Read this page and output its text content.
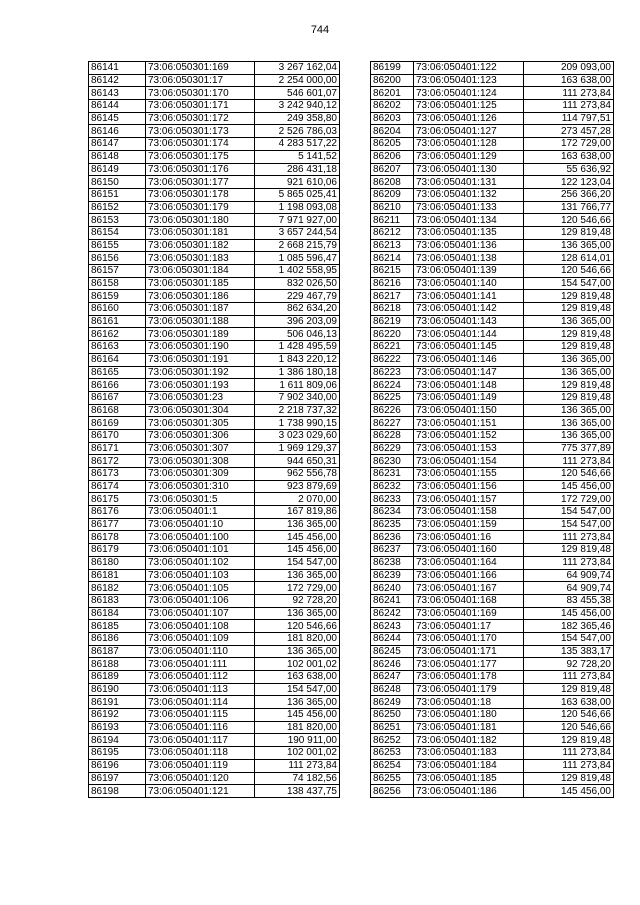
744
86141	73:06:050301:169	3 267 162,04
86142	73:06:050301:17	2 254 000,00
86143	73:06:050301:170	546 601,07
86144	73:06:050301:171	3 242 940,12
86145	73:06:050301:172	249 358,80
86146	73:06:050301:173	2 526 786,03
86147	73:06:050301:174	4 283 517,22
86148	73:06:050301:175	5 141,52
86149	73:06:050301:176	286 431,18
86150	73:06:050301:177	921 610,06
86151	73:06:050301:178	5 865 025,41
86152	73:06:050301:179	1 198 093,08
86153	73:06:050301:180	7 971 927,00
86154	73:06:050301:181	3 657 244,54
86155	73:06:050301:182	2 668 215,79
86156	73:06:050301:183	1 085 596,47
86157	73:06:050301:184	1 402 558,95
86158	73:06:050301:185	832 026,50
86159	73:06:050301:186	229 467,79
86160	73:06:050301:187	862 634,20
86161	73:06:050301:188	396 203,09
86162	73:06:050301:189	506 046,13
86163	73:06:050301:190	1 428 495,59
86164	73:06:050301:191	1 843 220,12
86165	73:06:050301:192	1 386 180,18
86166	73:06:050301:193	1 611 809,06
86167	73:06:050301:23	7 902 340,00
86168	73:06:050301:304	2 218 737,32
86169	73:06:050301:305	1 738 990,15
86170	73:06:050301:306	3 023 029,60
86171	73:06:050301:307	1 969 129,37
86172	73:06:050301:308	944 650,31
86173	73:06:050301:309	962 556,78
86174	73:06:050301:310	923 879,69
86175	73:06:050301:5	2 070,00
86176	73:06:050401:1	167 819,86
86177	73:06:050401:10	136 365,00
86178	73:06:050401:100	145 456,00
86179	73:06:050401:101	145 456,00
86180	73:06:050401:102	154 547,00
86181	73:06:050401:103	136 365,00
86182	73:06:050401:105	172 729,00
86183	73:06:050401:106	92 728,20
86184	73:06:050401:107	136 365,00
86185	73:06:050401:108	120 546,66
86186	73:06:050401:109	181 820,00
86187	73:06:050401:110	136 365,00
86188	73:06:050401:111	102 001,02
86189	73:06:050401:112	163 638,00
86190	73:06:050401:113	154 547,00
86191	73:06:050401:114	136 365,00
86192	73:06:050401:115	145 456,00
86193	73:06:050401:116	181 820,00
86194	73:06:050401:117	190 911,00
86195	73:06:050401:118	102 001,02
86196	73:06:050401:119	111 273,84
86197	73:06:050401:120	74 182,56
86198	73:06:050401:121	138 437,75
86199	73:06:050401:122	209 093,00
86200	73:06:050401:123	163 638,00
86201	73:06:050401:124	111 273,84
86202	73:06:050401:125	111 273,84
86203	73:06:050401:126	114 797,51
86204	73:06:050401:127	273 457,28
86205	73:06:050401:128	172 729,00
86206	73:06:050401:129	163 638,00
86207	73:06:050401:130	55 636,92
86208	73:06:050401:131	122 123,04
86209	73:06:050401:132	256 366,20
86210	73:06:050401:133	131 766,77
86211	73:06:050401:134	120 546,66
86212	73:06:050401:135	129 819,48
86213	73:06:050401:136	136 365,00
86214	73:06:050401:138	128 614,01
86215	73:06:050401:139	120 546,66
86216	73:06:050401:140	154 547,00
86217	73:06:050401:141	129 819,48
86218	73:06:050401:142	129 819,48
86219	73:06:050401:143	136 365,00
86220	73:06:050401:144	129 819,48
86221	73:06:050401:145	129 819,48
86222	73:06:050401:146	136 365,00
86223	73:06:050401:147	136 365,00
86224	73:06:050401:148	129 819,48
86225	73:06:050401:149	129 819,48
86226	73:06:050401:150	136 365,00
86227	73:06:050401:151	136 365,00
86228	73:06:050401:152	136 365,00
86229	73:06:050401:153	775 377,89
86230	73:06:050401:154	111 273,84
86231	73:06:050401:155	120 546,66
86232	73:06:050401:156	145 456,00
86233	73:06:050401:157	172 729,00
86234	73:06:050401:158	154 547,00
86235	73:06:050401:159	154 547,00
86236	73:06:050401:16	111 273,84
86237	73:06:050401:160	129 819,48
86238	73:06:050401:164	111 273,84
86239	73:06:050401:166	64 909,74
86240	73:06:050401:167	64 909,74
86241	73:06:050401:168	83 455,38
86242	73:06:050401:169	145 456,00
86243	73:06:050401:17	182 365,46
86244	73:06:050401:170	154 547,00
86245	73:06:050401:171	135 383,17
86246	73:06:050401:177	92 728,20
86247	73:06:050401:178	111 273,84
86248	73:06:050401:179	129 819,48
86249	73:06:050401:18	163 638,00
86250	73:06:050401:180	120 546,66
86251	73:06:050401:181	120 546,66
86252	73:06:050401:182	129 819,48
86253	73:06:050401:183	111 273,84
86254	73:06:050401:184	111 273,84
86255	73:06:050401:185	129 819,48
86256	73:06:050401:186	145 456,00
